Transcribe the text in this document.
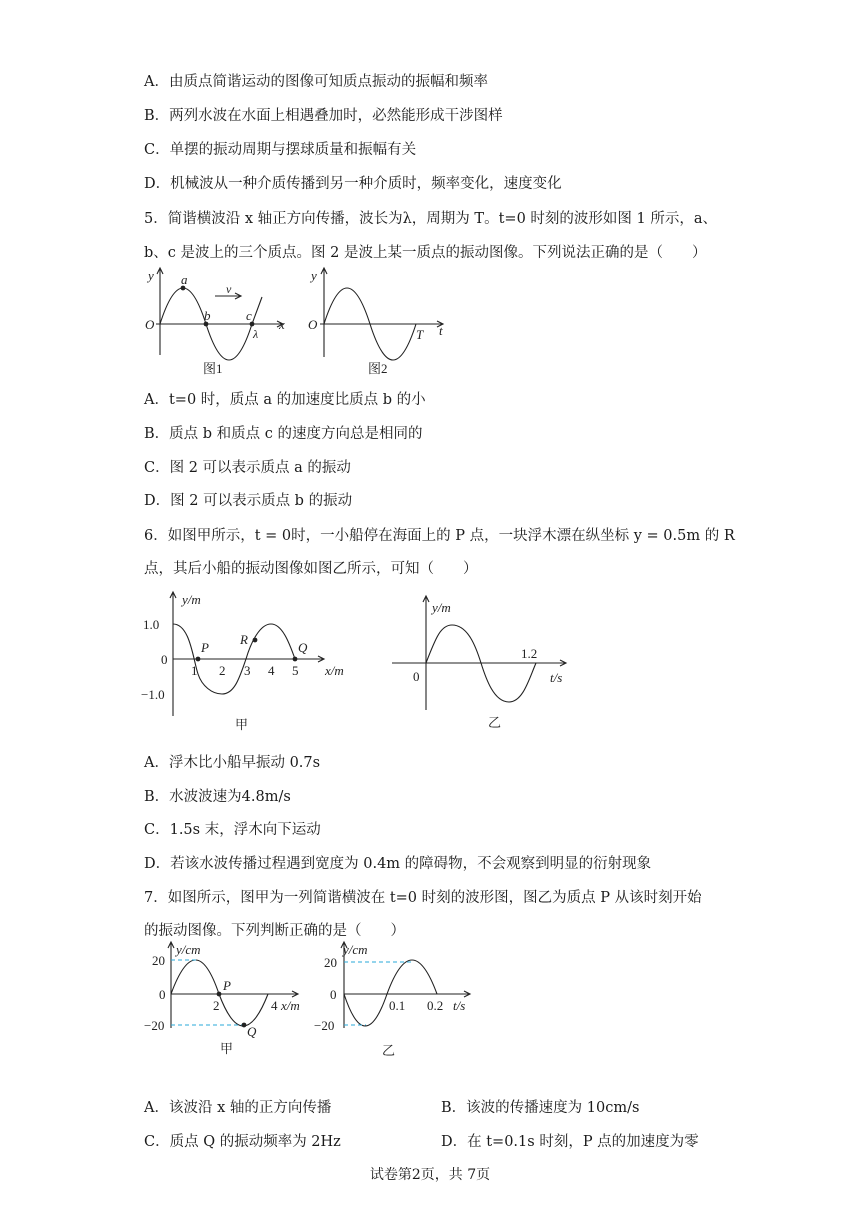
A．由质点简谐运动的图像可知质点振动的振幅和频率
B．两列水波在水面上相遇叠加时，必然能形成干涉图样
C．单摆的振动周期与摆球质量和振幅有关
D．机械波从一种介质传播到另一种介质时，频率变化，速度变化
5．简谐横波沿 x 轴正方向传播，波长为λ，周期为 T。t=0 时刻的波形如图 1 所示，a、
b、c 是波上的三个质点。图 2 是波上某一质点的振动图像。下列说法正确的是（　　）
y
O
a
v
b	c
λ
x
图1
y
O
T t
图2
A．t=0 时，质点 a 的加速度比质点 b 的小
B．质点 b 和质点 c 的速度方向总是相同的
C．图 2 可以表示质点 a 的振动
D．图 2 可以表示质点 b 的振动
6．如图甲所示，t = 0时，一小船停在海面上的 P 点，一块浮木漂在纵坐标 y = 0.5m 的 R
点，其后小船的振动图像如图乙所示，可知（　　）
y/m
1.0
0
−1.0
P
R
Q
1 2 3 4 5 x/m
甲
y/m
0
1.2
t/s
乙
A．浮木比小船早振动 0.7s
B．水波波速为4.8m/s
C．1.5s 末，浮木向下运动
D．若该水波传播过程遇到宽度为 0.4m 的障碍物，不会观察到明显的衍射现象
7．如图所示，图甲为一列简谐横波在 t=0 时刻的波形图，图乙为质点 P 从该时刻开始
的振动图像。下列判断正确的是（　　）
y/cm
20
0
−20
P
2	4 x/m
Q
甲
y/cm
20
0
−20
0.1 0.2 t/s
乙
A．该波沿 x 轴的正方向传播	B．该波的传播速度为 10cm/s
C．质点 Q 的振动频率为 2Hz	D．在 t=0.1s 时刻，P 点的加速度为零
试卷第2页，共 7页
